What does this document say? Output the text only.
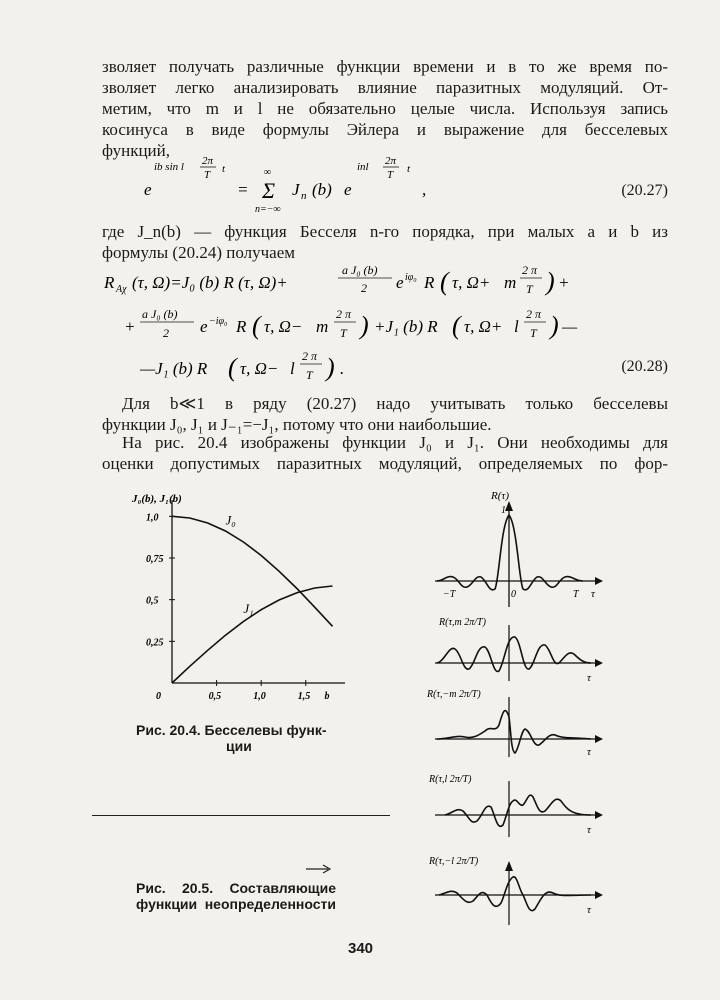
зволяет получать различные функции времени и в то же время по-
зволяет легко анализировать влияние паразитных модуляций. От-
метим, что m и l не обязательно целые числа. Используя запись
косинуса в виде формулы Эйлера и выражение для бесселевых
функций,
e
ib sin l 2π
T t
=
∞
Σ
n=−∞
J n (b) e
inl 2π
T t
,	(20.27)
где J_n(b) — функция Бесселя n-го порядка, при малых a и b из
формулы (20.24) получаем
R Aχ (τ, Ω)=J₀ (b) R (τ, Ω)+
a J₀ (b)
2 e iφ₀ R ( τ, Ω+ m
2 π
T ) +
+
a J₀ (b)
2 e −iφ₀ R ( τ, Ω− m
2 π
T ) +J₁ (b) R ( τ, Ω+ l
2 π
T ) —
—J₁ (b) R ( τ, Ω− l
2 π
T ) .	(20.28)
Для b≪1 в ряду (20.27) надо учитывать только бесселевы
функции J₀, J₁ и J₋₁=−J₁, потому что они наибольшие.
На рис. 20.4 изображены функции J₀ и J₁. Они необходимы для
оценки допустимых паразитных модуляций, определяемых по фор-
J₀(b), J₁(b)
0,25
0,5
0,75
1,0
0	0,5	1,0	1,5 b
J₀
J₁
Рис. 20.4. Бесселевы функ-
ции
Рис. 20.5. Составляющие
функции неопределенности
R(τ)
1
−T	0	T τ
R(τ,m 2π/T)
τ
R(τ,−m 2π/T)
τ
R(τ,l 2π/T)
τ
R(τ,−l 2π/T)
τ
340
